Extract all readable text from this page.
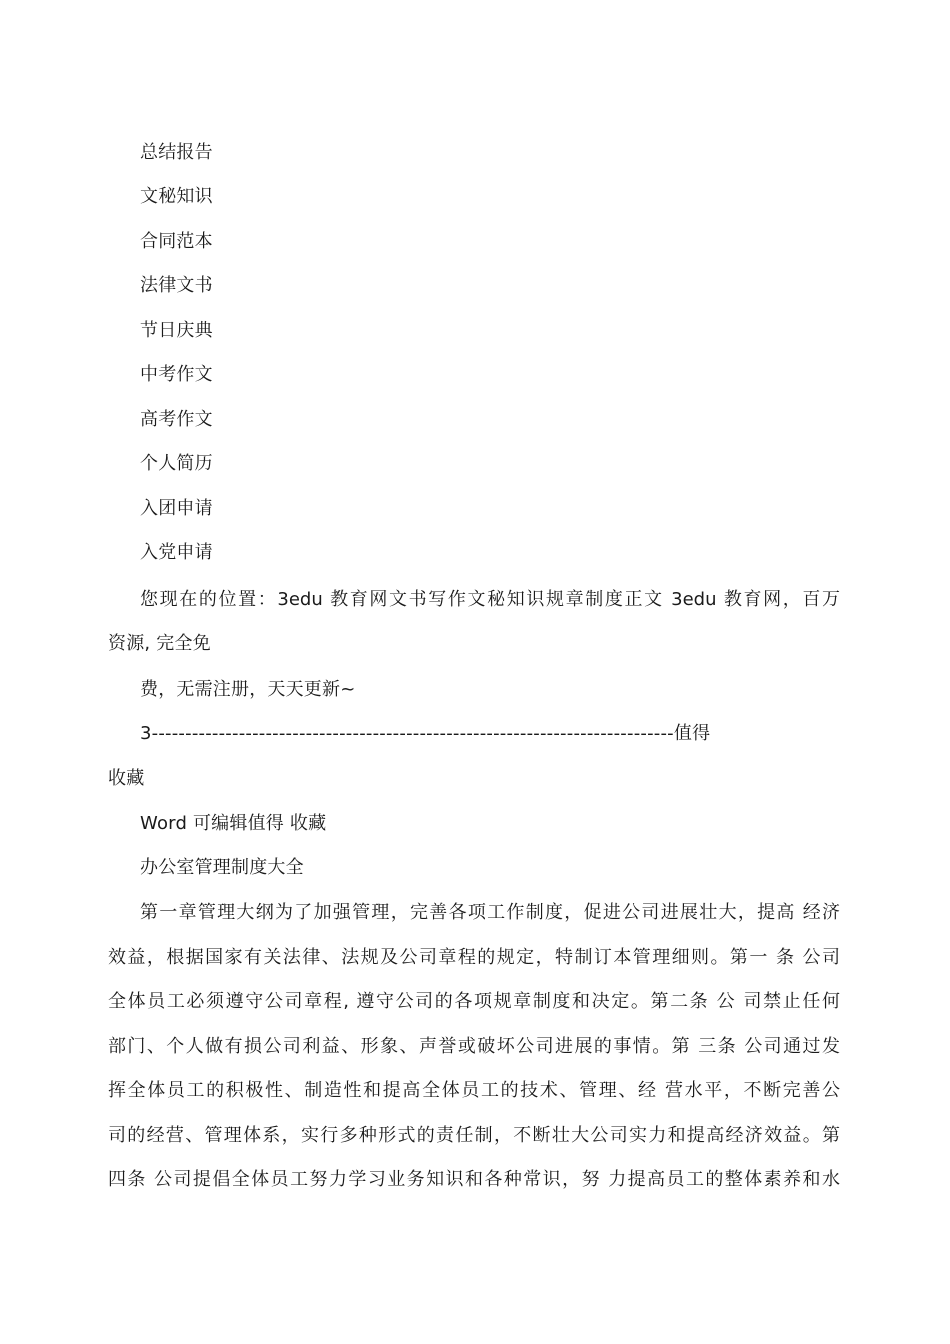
总结报告
文秘知识
合同范本
法律文书
节日庆典
中考作文
高考作文
个人简历
入团申请
入党申请
您现在的位置：3edu 教育网文书写作文秘知识规章制度正文 3edu 教育网，百万
资源, 完全免
费，无需注册，天天更新~
3------------------------------------------------------------------------------值得
收藏
Word 可编辑值得 收藏
办公室管理制度大全
第一章管理大纲为了加强管理，完善各项工作制度，促进公司进展壮大，提高 经济
效益，根据国家有关法律、法规及公司章程的规定，特制订本管理细则。第一 条 公司
全体员工必须遵守公司章程, 遵守公司的各项规章制度和决定。第二条 公 司禁止任何
部门、个人做有损公司利益、形象、声誉或破坏公司进展的事情。第 三条 公司通过发
挥全体员工的积极性、制造性和提高全体员工的技术、管理、经 营水平，不断完善公
司的经营、管理体系，实行多种形式的责任制，不断壮大公司实力和提高经济效益。第
四条 公司提倡全体员工努力学习业务知识和各种常识，努 力提高员工的整体素养和水
